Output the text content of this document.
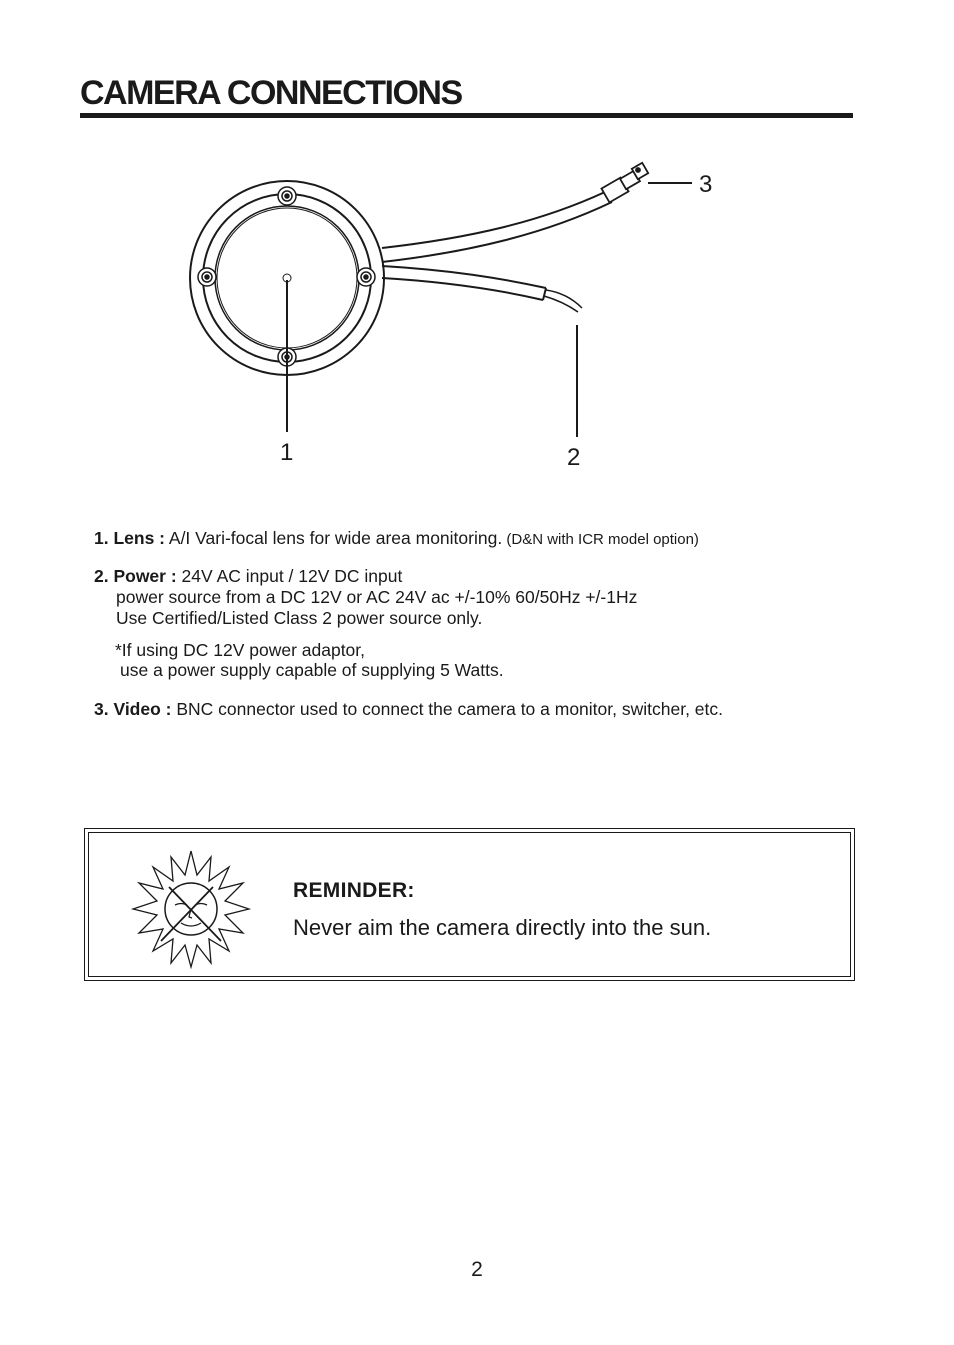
CAMERA CONNECTIONS
1	2
3
1. Lens : A/I Vari-focal lens for wide area monitoring. (D&N with ICR model option)
2. Power : 24V AC input / 12V DC input
power source from a DC 12V or AC 24V ac +/-10% 60/50Hz +/-1Hz
Use Certified/Listed Class 2 power source only.
*If using DC 12V power adaptor,
use a power supply capable of supplying 5 Watts.
3. Video : BNC connector used to connect the camera to a monitor, switcher, etc.
REMINDER:
Never aim the camera directly into the sun.
2
